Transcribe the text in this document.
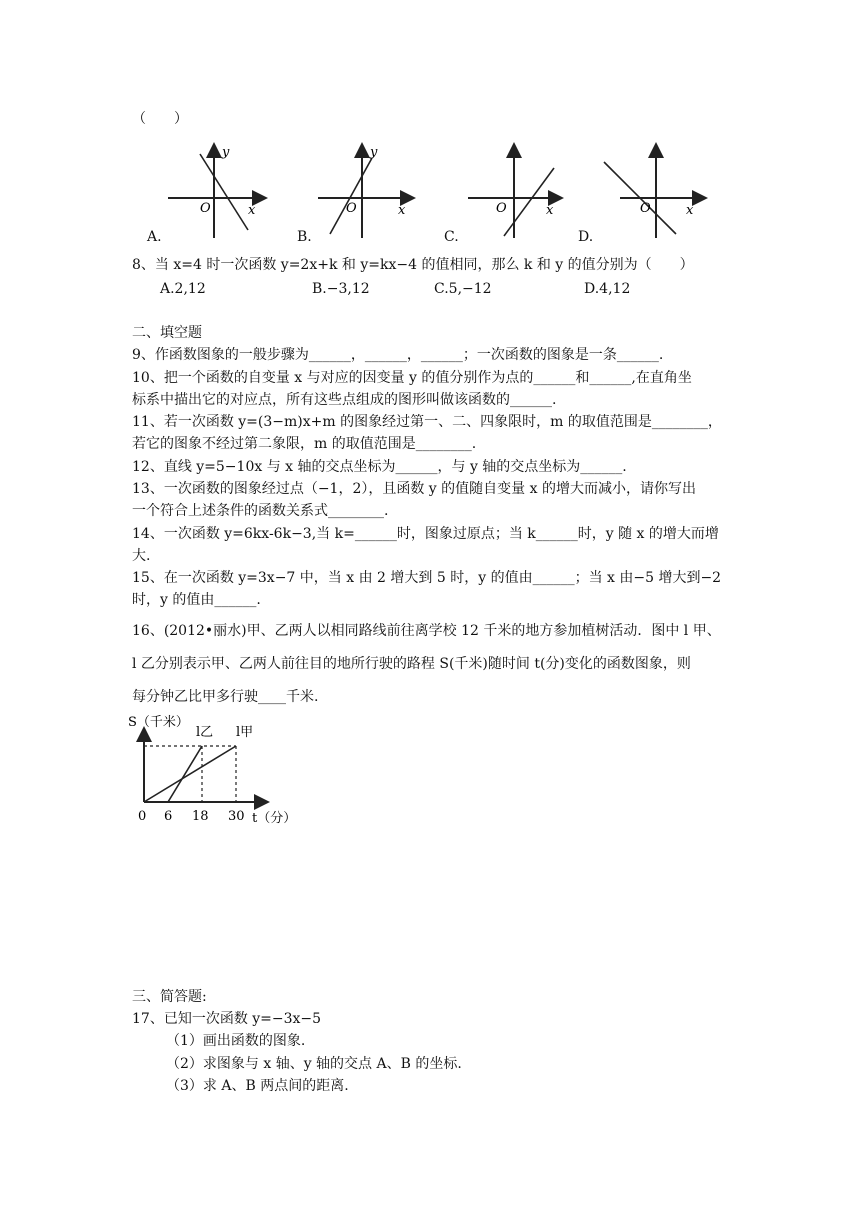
（　　）
y
x
O
y
x
O	x
O	x
O
A.	B.	C.	D.
8、当 x=4 时一次函数 y=2x+k 和 y=kx−4 的值相同，那么 k 和 y 的值分别为（　　）
A.2,12	B.−3,12	C.5,−12	D.4,12
二、填空题
9、作函数图象的一般步骤为______，______，______；一次函数的图象是一条______.
10、把一个函数的自变量 x 与对应的因变量 y 的值分别作为点的______和______,在直角坐
标系中描出它的对应点，所有这些点组成的图形叫做该函数的______.
11、若一次函数 y=(3−m)x+m 的图象经过第一、二、四象限时，m 的取值范围是________，
若它的图象不经过第二象限，m 的取值范围是________.
12、直线 y=5−10x 与 x 轴的交点坐标为______，与 y 轴的交点坐标为______.
13、一次函数的图象经过点（−1，2），且函数 y 的值随自变量 x 的增大而减小，请你写出
一个符合上述条件的函数关系式________.
14、一次函数 y=6kx-6k−3,当 k=______时，图象过原点；当 k______时，y 随 x 的增大而增
大.
15、在一次函数 y=3x−7 中，当 x 由 2 增大到 5 时，y 的值由______；当 x 由−5 增大到−2
时，y 的值由______.
16、(2012•丽水)甲、乙两人以相同路线前往离学校 12 千米的地方参加植树活动．图中 l 甲、
l 乙分别表示甲、乙两人前往目的地所行驶的路程 S(千米)随时间 t(分)变化的函数图象，则
每分钟乙比甲多行驶____千米.
S（千米）
l乙 l甲
0 6 18 30 t（分）
三、简答题:
17、已知一次函数 y=−3x−5
（1）画出函数的图象.
（2）求图象与 x 轴、y 轴的交点 A、B 的坐标.
（3）求 A、B 两点间的距离.
